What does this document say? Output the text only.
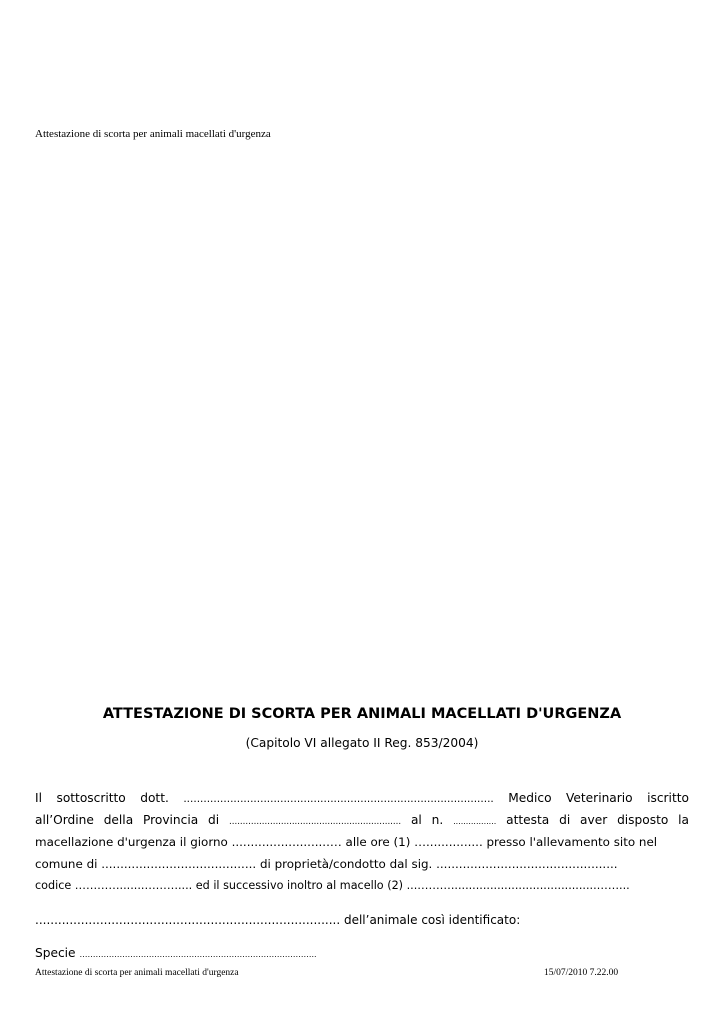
Attestazione di scorta per animali macellati d'urgenza
ATTESTAZIONE DI SCORTA PER ANIMALI MACELLATI D'URGENZA
(Capitolo VI allegato II Reg. 853/2004)
Il sottoscritto dott. ............................................................................................. Medico Veterinario iscritto
all’Ordine della Provincia di ............................................................... al n. ................. attesta di aver disposto la
macellazione d'urgenza il giorno ..........................… alle ore (1) …............... presso l'allevamento sito nel
comune di ......................................... di proprietà/condotto dal sig. ................................................
codice ………….......……….... ed il successivo inoltro al macello (2) ...……….........................................……...
................................................................................ dell’animale così identificato:
Specie ……………………………………………………………………………..
Attestazione di scorta per animali macellati d'urgenza	15/07/2010 7.22.00
